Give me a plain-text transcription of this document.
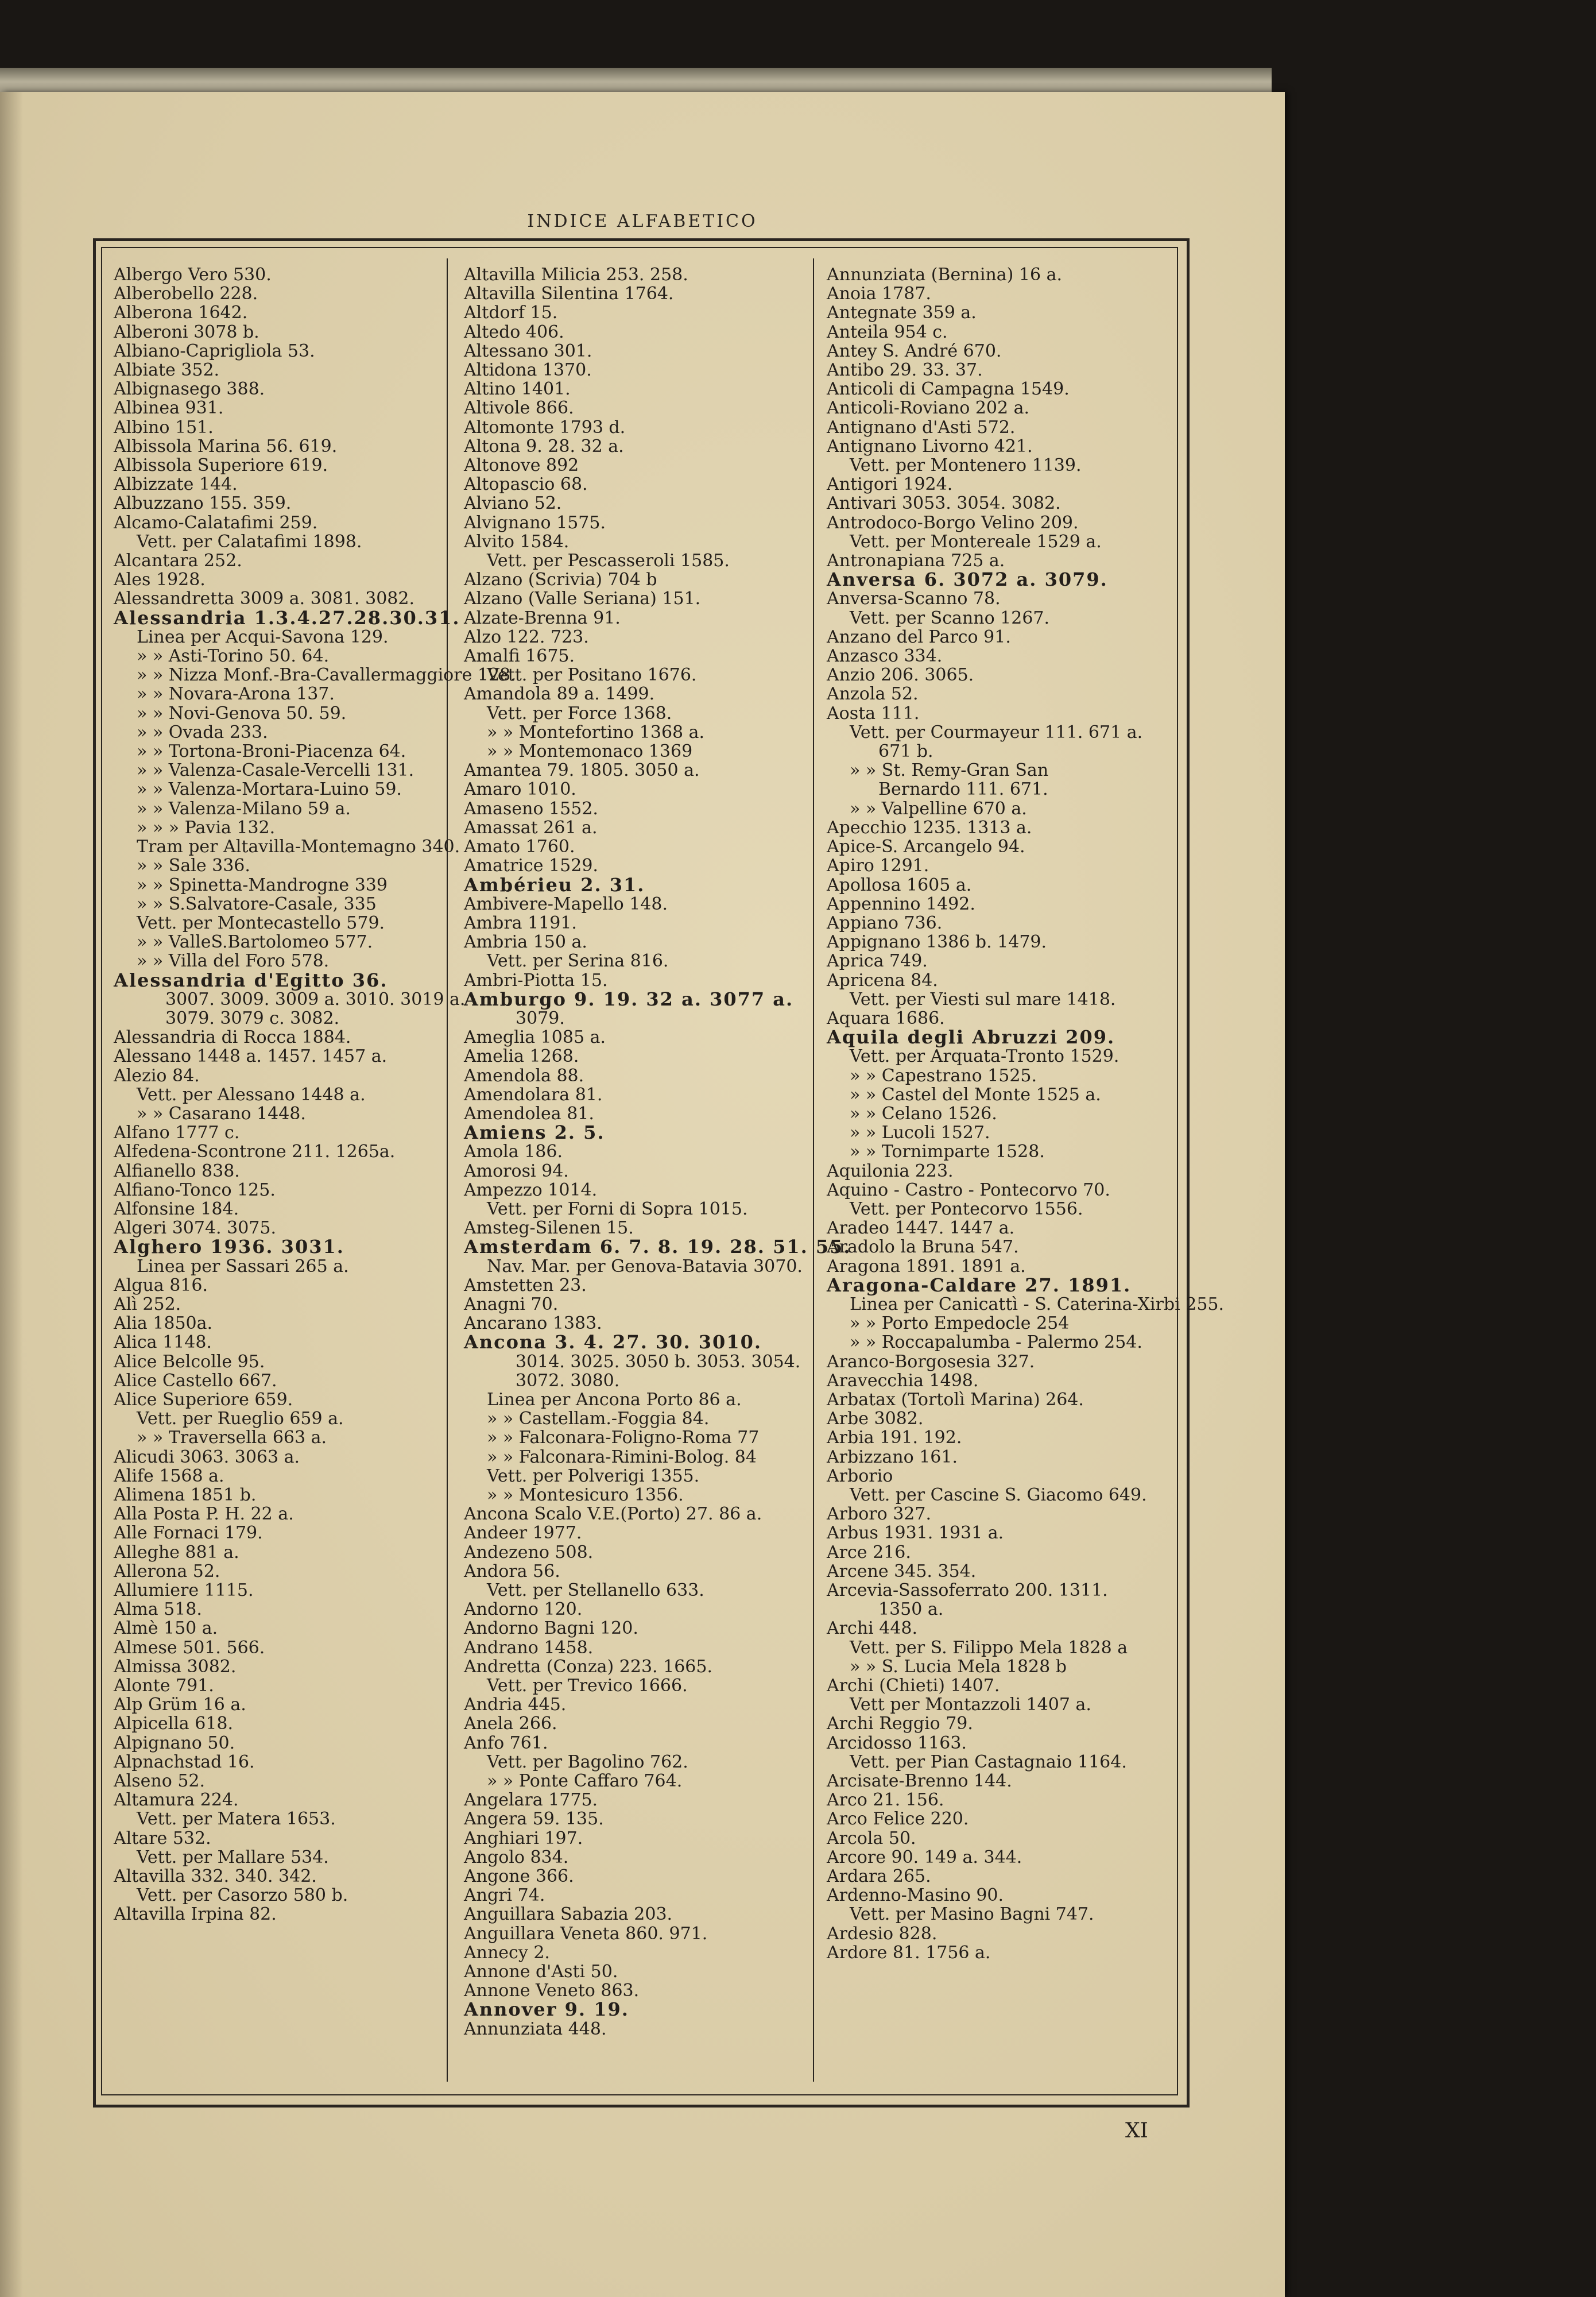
INDICE ALFABETICO
Albergo Vero 530.
Alberobello 228.
Alberona 1642.
Alberoni 3078 b.
Albiano-Caprigliola 53.
Albiate 352.
Albignasego 388.
Albinea 931.
Albino 151.
Albissola Marina 56. 619.
Albissola Superiore 619.
Albizzate 144.
Albuzzano 155. 359.
Alcamo-Calatafimi 259.
Vett. per Calatafimi 1898.
Alcantara 252.
Ales 1928.
Alessandretta 3009 a. 3081. 3082.
Alessandria 1.3.4.27.28.30.31.
Linea per Acqui-Savona 129.
» » Asti-Torino 50. 64.
» » Nizza Monf.-Bra-Cavallermaggiore 128.
» » Novara-Arona 137.
» » Novi-Genova 50. 59.
» » Ovada 233.
» » Tortona-Broni-Piacenza 64.
» » Valenza-Casale-Vercelli 131.
» » Valenza-Mortara-Luino 59.
» » Valenza-Milano 59 a.
» » » Pavia 132.
Tram per Altavilla-Montemagno 340.
» » Sale 336.
» » Spinetta-Mandrogne 339
» » S.Salvatore-Casale, 335
Vett. per Montecastello 579.
» » ValleS.Bartolomeo 577.
» » Villa del Foro 578.
Alessandria d'Egitto 36.
3007. 3009. 3009 a. 3010. 3019 a.
3079. 3079 c. 3082.
Alessandria di Rocca 1884.
Alessano 1448 a. 1457. 1457 a.
Alezio 84.
Vett. per Alessano 1448 a.
» » Casarano 1448.
Alfano 1777 c.
Alfedena-Scontrone 211. 1265a.
Alfianello 838.
Alfiano-Tonco 125.
Alfonsine 184.
Algeri 3074. 3075.
Alghero 1936. 3031.
Linea per Sassari 265 a.
Algua 816.
Alì 252.
Alia 1850a.
Alica 1148.
Alice Belcolle 95.
Alice Castello 667.
Alice Superiore 659.
Vett. per Rueglio 659 a.
» » Traversella 663 a.
Alicudi 3063. 3063 a.
Alife 1568 a.
Alimena 1851 b.
Alla Posta P. H. 22 a.
Alle Fornaci 179.
Alleghe 881 a.
Allerona 52.
Allumiere 1115.
Alma 518.
Almè 150 a.
Almese 501. 566.
Almissa 3082.
Alonte 791.
Alp Grüm 16 a.
Alpicella 618.
Alpignano 50.
Alpnachstad 16.
Alseno 52.
Altamura 224.
Vett. per Matera 1653.
Altare 532.
Vett. per Mallare 534.
Altavilla 332. 340. 342.
Vett. per Casorzo 580 b.
Altavilla Irpina 82.
Altavilla Milicia 253. 258.
Altavilla Silentina 1764.
Altdorf 15.
Altedo 406.
Altessano 301.
Altidona 1370.
Altino 1401.
Altivole 866.
Altomonte 1793 d.
Altona 9. 28. 32 a.
Altonove 892
Altopascio 68.
Alviano 52.
Alvignano 1575.
Alvito 1584.
Vett. per Pescasseroli 1585.
Alzano (Scrivia) 704 b
Alzano (Valle Seriana) 151.
Alzate-Brenna 91.
Alzo 122. 723.
Amalfi 1675.
Vett. per Positano 1676.
Amandola 89 a. 1499.
Vett. per Force 1368.
» » Montefortino 1368 a.
» » Montemonaco 1369
Amantea 79. 1805. 3050 a.
Amaro 1010.
Amaseno 1552.
Amassat 261 a.
Amato 1760.
Amatrice 1529.
Ambérieu 2. 31.
Ambivere-Mapello 148.
Ambra 1191.
Ambria 150 a.
Vett. per Serina 816.
Ambri-Piotta 15.
Amburgo 9. 19. 32 a. 3077 a.
3079.
Ameglia 1085 a.
Amelia 1268.
Amendola 88.
Amendolara 81.
Amendolea 81.
Amiens 2. 5.
Amola 186.
Amorosi 94.
Ampezzo 1014.
Vett. per Forni di Sopra 1015.
Amsteg-Silenen 15.
Amsterdam 6. 7. 8. 19. 28. 51. 55.
Nav. Mar. per Genova-Batavia 3070.
Amstetten 23.
Anagni 70.
Ancarano 1383.
Ancona 3. 4. 27. 30. 3010.
3014. 3025. 3050 b. 3053. 3054.
3072. 3080.
Linea per Ancona Porto 86 a.
» » Castellam.-Foggia 84.
» » Falconara-Foligno-Roma 77
» » Falconara-Rimini-Bolog. 84
Vett. per Polverigi 1355.
» » Montesicuro 1356.
Ancona Scalo V.E.(Porto) 27. 86 a.
Andeer 1977.
Andezeno 508.
Andora 56.
Vett. per Stellanello 633.
Andorno 120.
Andorno Bagni 120.
Andrano 1458.
Andretta (Conza) 223. 1665.
Vett. per Trevico 1666.
Andria 445.
Anela 266.
Anfo 761.
Vett. per Bagolino 762.
» » Ponte Caffaro 764.
Angelara 1775.
Angera 59. 135.
Anghiari 197.
Angolo 834.
Angone 366.
Angri 74.
Anguillara Sabazia 203.
Anguillara Veneta 860. 971.
Annecy 2.
Annone d'Asti 50.
Annone Veneto 863.
Annover 9. 19.
Annunziata 448.
Annunziata (Bernina) 16 a.
Anoia 1787.
Antegnate 359 a.
Anteila 954 c.
Antey S. André 670.
Antibo 29. 33. 37.
Anticoli di Campagna 1549.
Anticoli-Roviano 202 a.
Antignano d'Asti 572.
Antignano Livorno 421.
Vett. per Montenero 1139.
Antigori 1924.
Antivari 3053. 3054. 3082.
Antrodoco-Borgo Velino 209.
Vett. per Montereale 1529 a.
Antronapiana 725 a.
Anversa 6. 3072 a. 3079.
Anversa-Scanno 78.
Vett. per Scanno 1267.
Anzano del Parco 91.
Anzasco 334.
Anzio 206. 3065.
Anzola 52.
Aosta 111.
Vett. per Courmayeur 111. 671 a.
671 b.
» » St. Remy-Gran San
Bernardo 111. 671.
» » Valpelline 670 a.
Apecchio 1235. 1313 a.
Apice-S. Arcangelo 94.
Apiro 1291.
Apollosa 1605 a.
Appennino 1492.
Appiano 736.
Appignano 1386 b. 1479.
Aprica 749.
Apricena 84.
Vett. per Viesti sul mare 1418.
Aquara 1686.
Aquila degli Abruzzi 209.
Vett. per Arquata-Tronto 1529.
» » Capestrano 1525.
» » Castel del Monte 1525 a.
» » Celano 1526.
» » Lucoli 1527.
» » Tornimparte 1528.
Aquilonia 223.
Aquino - Castro - Pontecorvo 70.
Vett. per Pontecorvo 1556.
Aradeo 1447. 1447 a.
Aradolo la Bruna 547.
Aragona 1891. 1891 a.
Aragona-Caldare 27. 1891.
Linea per Canicattì - S. Caterina-Xirbi 255.
» » Porto Empedocle 254
» » Roccapalumba - Palermo 254.
Aranco-Borgosesia 327.
Aravecchia 1498.
Arbatax (Tortolì Marina) 264.
Arbe 3082.
Arbia 191. 192.
Arbizzano 161.
Arborio
Vett. per Cascine S. Giacomo 649.
Arboro 327.
Arbus 1931. 1931 a.
Arce 216.
Arcene 345. 354.
Arcevia-Sassoferrato 200. 1311.
1350 a.
Archi 448.
Vett. per S. Filippo Mela 1828 a
» » S. Lucia Mela 1828 b
Archi (Chieti) 1407.
Vett per Montazzoli 1407 a.
Archi Reggio 79.
Arcidosso 1163.
Vett. per Pian Castagnaio 1164.
Arcisate-Brenno 144.
Arco 21. 156.
Arco Felice 220.
Arcola 50.
Arcore 90. 149 a. 344.
Ardara 265.
Ardenno-Masino 90.
Vett. per Masino Bagni 747.
Ardesio 828.
Ardore 81. 1756 a.
XI
